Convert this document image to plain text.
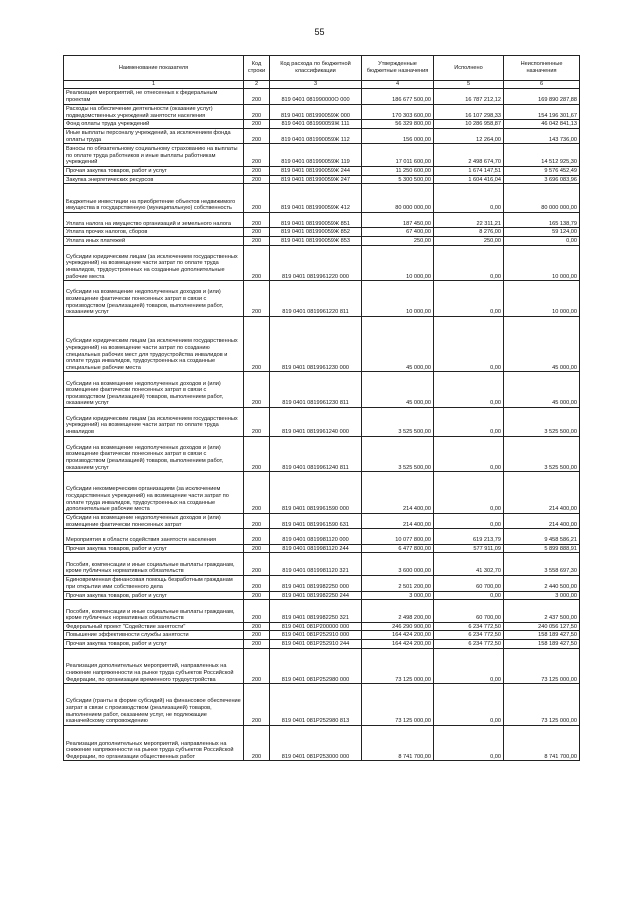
55
Наименование показателя	Код строки	Код расхода по бюджетной классификации	Утвержденные бюджетные назначения	Исполнено	Неисполненные назначения
1	2	3	4	5	6
Реализация мероприятий, не отнесенных к федеральным проектам	200	819 0401 081990000О 000	186 677 500,00	16 787 212,12	169 890 287,88
Расходы на обеспечение деятельности (оказание услуг) подведомственных учреждений занятости населения	200	819 0401 081990059Ж 000	170 303 600,00	16 107 298,33	154 196 301,67
Фонд оплаты труда учреждений	200	819 0401 081990059Ж 111	56 329 800,00	10 286 958,87	46 042 841,13
Иные выплаты персоналу учреждений, за исключением фонда оплаты труда	200	819 0401 081990059Ж 112	156 000,00	12 264,00	143 736,00
Взносы по обязательному социальному страхованию на выплаты по оплате труда работников и иные выплаты работникам учреждений	200	819 0401 081990059Ж 119	17 011 600,00	2 498 674,70	14 512 925,30
Прочая закупка товаров, работ и услуг	200	819 0401 081990059Ж 244	11 250 600,00	1 674 147,51	9 576 452,49
Закупка энергетических ресурсов	200	819 0401 081990059Ж 247	5 300 500,00	1 604 416,04	3 696 083,96
Бюджетные инвестиции на приобретение объектов недвижимого имущества в государственную (муниципальную) собственность	200	819 0401 081990059Ж 412	80 000 000,00	0,00	80 000 000,00
Уплата налога на имущество организаций и земельного налога	200	819 0401 081990059Ж 851	187 450,00	22 311,21	165 138,79
Уплата прочих налогов, сборов	200	819 0401 081990059Ж 852	67 400,00	8 276,00	59 124,00
Уплата иных платежей	200	819 0401 081990059Ж 853	250,00	250,00	0,00
Субсидии юридическим лицам (за исключением государственных учреждений) на возмещение части затрат по оплате труда инвалидов, трудоустроенных на созданные дополнительные рабочие места	200	819 0401 0819961220 000	10 000,00	0,00	10 000,00
Субсидии на возмещение недополученных доходов и (или) возмещение фактически понесенных затрат в связи с производством (реализацией) товаров, выполнением работ, оказанием услуг	200	819 0401 0819961220 811	10 000,00	0,00	10 000,00
Субсидии юридическим лицам (за исключением государственных учреждений) на возмещение части затрат по созданию специальных рабочих мест для трудоустройства инвалидов и оплате труда инвалидов, трудоустроенных на созданные специальные рабочие места	200	819 0401 0819961230 000	45 000,00	0,00	45 000,00
Субсидии на возмещение недополученных доходов и (или) возмещение фактически понесенных затрат в связи с производством (реализацией) товаров, выполнением работ, оказанием услуг	200	819 0401 0819961230 811	45 000,00	0,00	45 000,00
Субсидии юридическим лицам (за исключением государственных учреждений) на возмещение части затрат по оплате труда инвалидов	200	819 0401 0819961240 000	3 525 500,00	0,00	3 525 500,00
Субсидии на возмещение недополученных доходов и (или) возмещение фактически понесенных затрат в связи с производством (реализацией) товаров, выполнением работ, оказанием услуг	200	819 0401 0819961240 811	3 525 500,00	0,00	3 525 500,00
Субсидии некоммерческим организациям (за исключением государственных учреждений) на возмещение части затрат по оплате труда инвалидов, трудоустроенных на созданные дополнительные рабочие места	200	819 0401 0819961590 000	214 400,00	0,00	214 400,00
Субсидии на возмещение недополученных доходов и (или) возмещение фактически понесенных затрат	200	819 0401 0819961590 631	214 400,00	0,00	214 400,00
Мероприятия в области содействия занятости населения	200	819 0401 0819981120 000	10 077 800,00	619 213,79	9 458 586,21
Прочая закупка товаров, работ и услуг	200	819 0401 0819981120 244	6 477 800,00	577 911,09	5 899 888,91
Пособия, компенсации и иные социальные выплаты гражданам, кроме публичных нормативных обязательств	200	819 0401 0819981120 321	3 600 000,00	41 302,70	3 558 697,30
Единовременная финансовая помощь безработным гражданам при открытии ими собственного дела	200	819 0401 0819982250 000	2 501 200,00	60 700,00	2 440 500,00
Прочая закупка товаров, работ и услуг	200	819 0401 0819982250 244	3 000,00	0,00	3 000,00
Пособия, компенсации и иные социальные выплаты гражданам, кроме публичных нормативных обязательств	200	819 0401 0819982250 321	2 498 200,00	60 700,00	2 437 500,00
Федеральный проект "Содействие занятости"	200	819 0401 081P200000 000	246 290 900,00	6 234 772,50	240 056 127,50
Повышение эффективности службы занятости	200	819 0401 081P252910 000	164 424 200,00	6 234 772,50	158 189 427,50
Прочая закупка товаров, работ и услуг	200	819 0401 081P252910 244	164 424 200,00	6 234 772,50	158 189 427,50
Реализация дополнительных мероприятий, направленных на снижение напряженности на рынке труда субъектов Российской Федерации, по организации временного трудоустройства	200	819 0401 081P252980 000	73 125 000,00	0,00	73 125 000,00
Субсидии (гранты в форме субсидий) на финансовое обеспечение затрат в связи с производством (реализацией) товаров, выполнением работ, оказанием услуг, не подлежащие казначейскому сопровождению	200	819 0401 081P252980 813	73 125 000,00	0,00	73 125 000,00
Реализация дополнительных мероприятий, направленных на снижение напряженности на рынке труда субъектов Российской Федерации, по организации общественных работ	200	819 0401 081P253000 000	8 741 700,00	0,00	8 741 700,00
